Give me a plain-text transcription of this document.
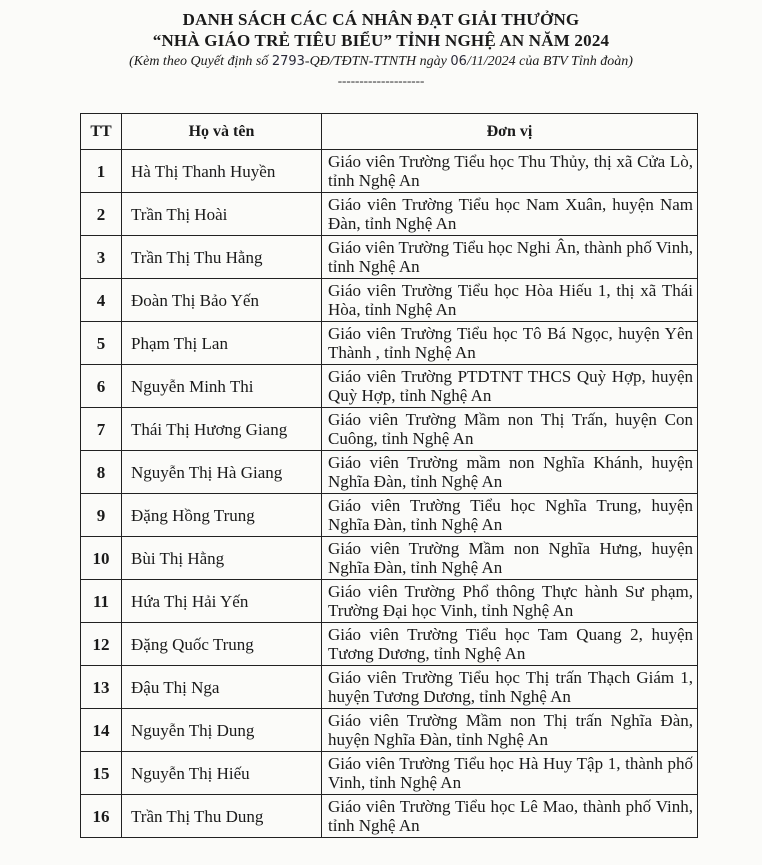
DANH SÁCH CÁC CÁ NHÂN ĐẠT GIẢI THƯỞNG
“NHÀ GIÁO TRẺ TIÊU BIỂU” TỈNH NGHỆ AN NĂM 2024
(Kèm theo Quyết định số 2793-QĐ/TĐTN-TTNTH ngày 06/11/2024 của BTV Tỉnh đoàn)
--------------------
TT	Họ và tên	Đơn vị
1	Hà Thị Thanh Huyền	Giáo viên Trường Tiểu học Thu Thủy, thị xã Cửa Lò, tỉnh Nghệ An
2	Trần Thị Hoài	Giáo viên Trường Tiểu học Nam Xuân, huyện Nam Đàn, tỉnh Nghệ An
3	Trần Thị Thu Hằng	Giáo viên Trường Tiểu học Nghi Ân, thành phố Vinh, tỉnh Nghệ An
4	Đoàn Thị Bảo Yến	Giáo viên Trường Tiểu học Hòa Hiếu 1, thị xã Thái Hòa, tỉnh Nghệ An
5	Phạm Thị Lan	Giáo viên Trường Tiểu học Tô Bá Ngọc, huyện Yên Thành , tỉnh Nghệ An
6	Nguyễn Minh Thi	Giáo viên Trường PTDTNT THCS Quỳ Hợp, huyện Quỳ Hợp, tỉnh Nghệ An
7	Thái Thị Hương Giang	Giáo viên Trường Mầm non Thị Trấn, huyện Con Cuông, tỉnh Nghệ An
8	Nguyễn Thị Hà Giang	Giáo viên Trường mầm non Nghĩa Khánh, huyện Nghĩa Đàn, tỉnh Nghệ An
9	Đặng Hồng Trung	Giáo viên Trường Tiểu học Nghĩa Trung, huyện Nghĩa Đàn, tỉnh Nghệ An
10	Bùi Thị Hằng	Giáo viên Trường Mầm non Nghĩa Hưng, huyện Nghĩa Đàn, tỉnh Nghệ An
11	Hứa Thị Hải Yến	Giáo viên Trường Phổ thông Thực hành Sư phạm, Trường Đại học Vinh, tỉnh Nghệ An
12	Đặng Quốc Trung	Giáo viên Trường Tiểu học Tam Quang 2, huyện Tương Dương, tỉnh Nghệ An
13	Đậu Thị Nga	Giáo viên Trường Tiểu học Thị trấn Thạch Giám 1, huyện Tương Dương, tỉnh Nghệ An
14	Nguyễn Thị Dung	Giáo viên Trường Mầm non Thị trấn Nghĩa Đàn, huyện Nghĩa Đàn, tỉnh Nghệ An
15	Nguyễn Thị Hiếu	Giáo viên Trường Tiểu học Hà Huy Tập 1, thành phố Vinh, tỉnh Nghệ An
16	Trần Thị Thu Dung	Giáo viên Trường Tiểu học Lê Mao, thành phố Vinh, tỉnh Nghệ An
